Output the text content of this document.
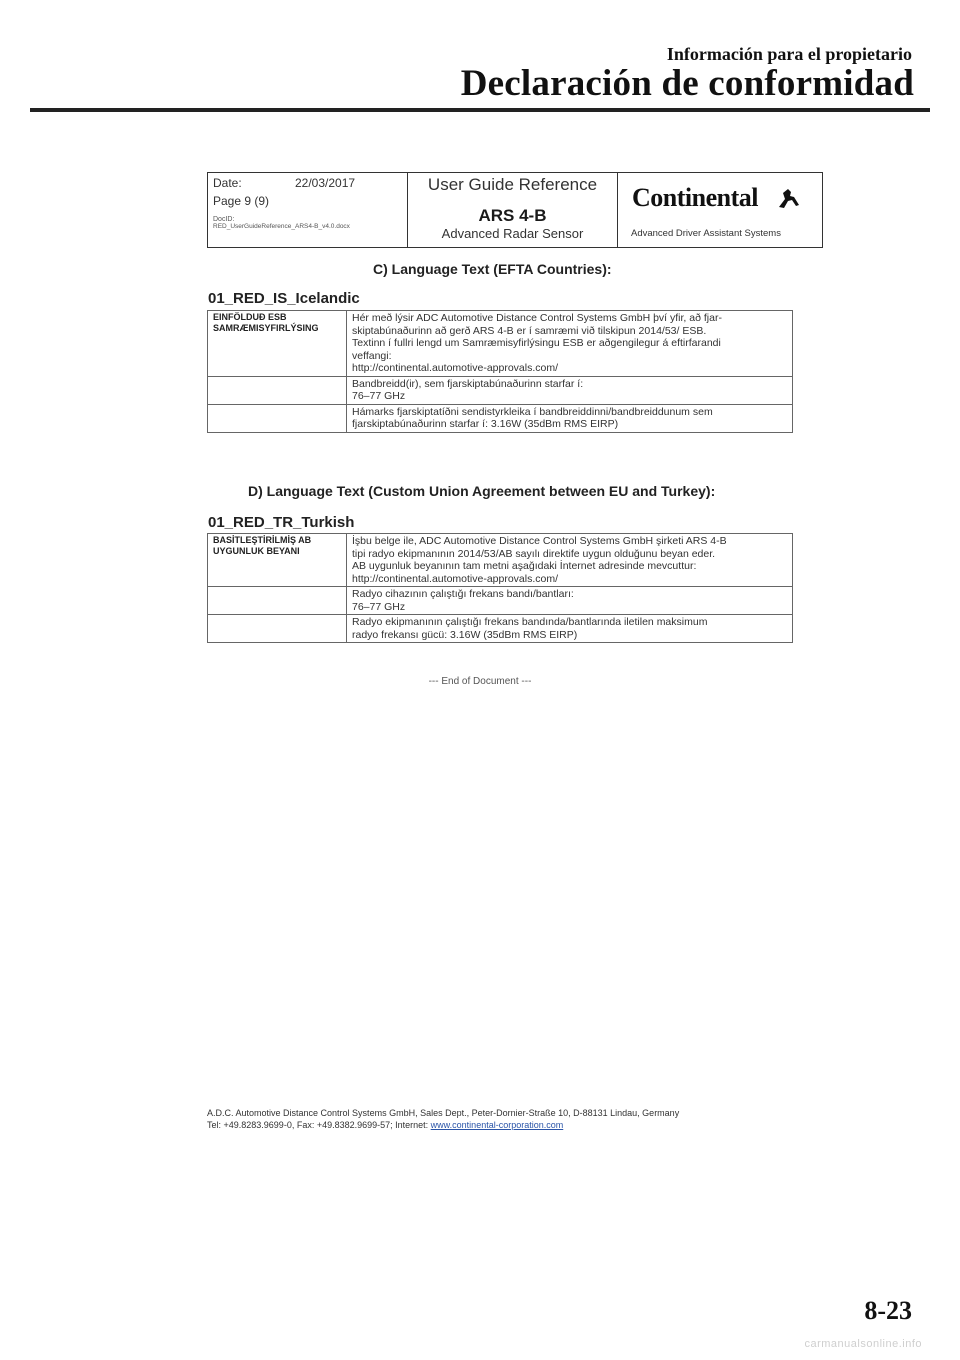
Información para el propietario
Declaración de conformidad
Date:	22/03/2017
Page 9 (9)
DocID:
RED_UserGuideReference_ARS4-B_v4.0.docx
User Guide Reference
ARS 4-B
Advanced Radar Sensor
Continental
Advanced Driver Assistant Systems
C) Language Text (EFTA Countries):
01_RED_IS_Icelandic
EINFÖLDUÐ ESB SAMRÆMISYFIRLÝSING	Hér með lýsir ADC Automotive Distance Control Systems GmbH því yfir, að fjar-
skiptabúnaðurinn að gerð ARS 4-B er í samræmi við tilskipun 2014/53/ ESB.
Textinn í fullri lengd um Samræmisyfirlýsingu ESB er aðgengilegur á eftirfarandi
veffangi:
http://continental.automotive-approvals.com/

	Bandbreidd(ir), sem fjarskiptabúnaðurinn starfar í:
76–77 GHz

	Hámarks fjarskiptatíðni sendistyrkleika í bandbreiddinni/bandbreiddunum sem
fjarskiptabúnaðurinn starfar í: 3.16W (35dBm RMS EIRP)
D) Language Text (Custom Union Agreement between EU and Turkey):
01_RED_TR_Turkish
BASİTLEŞTİRİLMİŞ AB UYGUNLUK BEYANI	İşbu belge ile, ADC Automotive Distance Control Systems GmbH şirketi ARS 4-B
tipi radyo ekipmanının 2014/53/AB sayılı direktife uygun olduğunu beyan eder.
AB uygunluk beyanının tam metni aşağıdaki İnternet adresinde mevcuttur:
http://continental.automotive-approvals.com/

	Radyo cihazının çalıştığı frekans bandı/bantları:
76–77 GHz

	Radyo ekipmanının çalıştığı frekans bandında/bantlarında iletilen maksimum
radyo frekansı gücü: 3.16W (35dBm RMS EIRP)
--- End of Document ---
A.D.C. Automotive Distance Control Systems GmbH, Sales Dept., Peter-Dornier-Straße 10, D-88131 Lindau, Germany
Tel: +49.8283.9699-0, Fax: +49.8382.9699-57; Internet: www.continental-corporation.com
8-23
carmanualsonline.info
